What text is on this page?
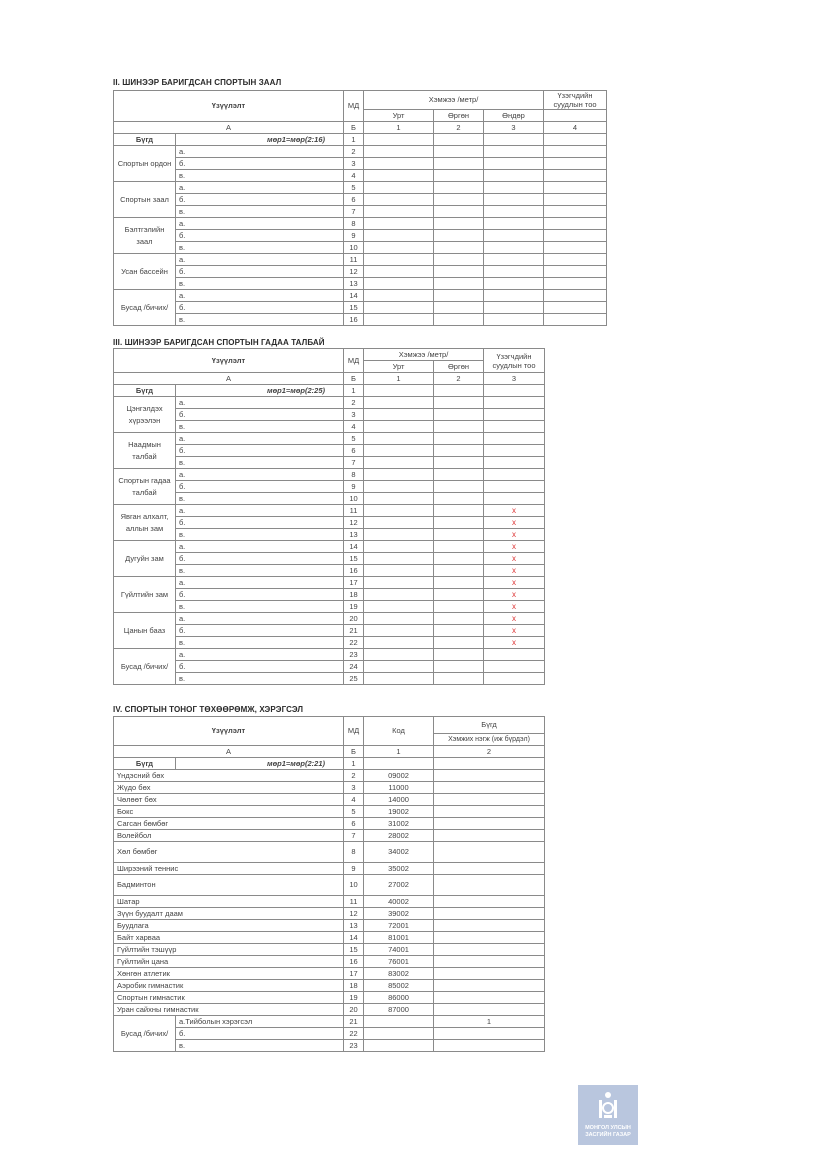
II. ШИНЭЭР БАРИГДСАН СПОРТЫН ЗААЛ
Үзүүлэлт		МД	Хэмжээ /метр/			Үзэгчдийн суудлын тоо
			Урт	Өргөн	Өндөр	
А		Б	1	2	3	4
Бүгд	мөр1=мөр(2:16)	1				
Спортын ордон	а.	2				
	б.	3				
	в.	4				
Спортын заал	а.	5				
	б.	6				
	в.	7				
Бэлтгэлийн заал	а.	8				
	б.	9				
	в.	10				
Усан бассейн	а.	11				
	б.	12				
	в.	13				
Бусад /бичих/	а.	14				
	б.	15				
	в.	16				
III. ШИНЭЭР БАРИГДСАН СПОРТЫН ГАДАА ТАЛБАЙ
Үзүүлэлт		МД	Хэмжээ /метр/		Үзэгчдийн суудлын тоо
			Урт	Өргөн	
А		Б	1	2	3
Бүгд	мөр1=мөр(2:25)	1			
Цэнгэлдэх хүрээлэн	а.	2			
	б.	3			
	в.	4			
Наадмын талбай	а.	5			
	б.	6			
	в.	7			
Спортын гадаа талбай	а.	8			
	б.	9			
	в.	10			
Явган алхалт, аллын зам	а.	11			x
	б.	12			x
	в.	13			x
Дугуйн зам	а.	14			x
	б.	15			x
	в.	16			x
Гүйлтийн зам	а.	17			x
	б.	18			x
	в.	19			x
Цанын бааз	а.	20			x
	б.	21			x
	в.	22			x
Бусад /бичих/	а.	23			
	б.	24			
	в.	25			
IV. СПОРТЫН ТОНОГ ТӨХӨӨРӨМЖ, ХЭРЭГСЭЛ
Үзүүлэлт		МД	Код	Бүгд
				Хэмжих нэгж (иж бүрдэл)
А		Б	1	2
Бүгд	мөр1=мөр(2:21)	1		
Үндэсний бөх		2	09002	
Жүдо бөх		3	11000	
Чөлөөт бөх		4	14000	
Бокс		5	19002	
Сагсан бөмбөг		6	31002	
Волейбол		7	28002	
Хөл бөмбөг		8	34002	
Ширээний теннис		9	35002	
Бадминтон		10	27002	
Шатар		11	40002	
Зүүн буудалт даам		12	39002	
Буудлага		13	72001	
Байт харваа		14	81001	
Гүйлтийн тэшүүр		15	74001	
Гүйлтийн цана		16	76001	
Хөнгөн атлетик		17	83002	
Аэробик гимнастик		18	85002	
Спортын гимнастик		19	86000	
Уран сайхны гимнастик		20	87000	
Бусад /бичих/	а.Тийболын хэрэгсэл	21		1
	б.	22		
	в.	23		
МОНГОЛ УЛСЫН
ЗАСГИЙН ГАЗАР
